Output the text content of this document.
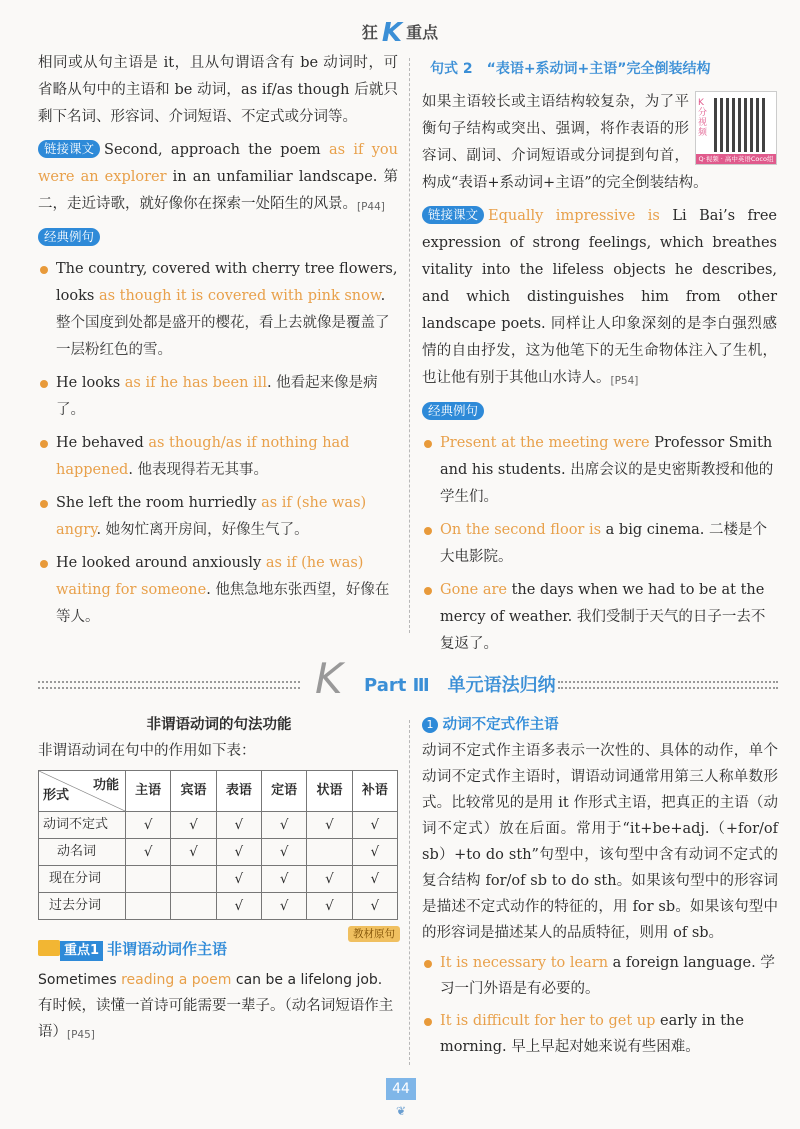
狂 K 重点

相同或从句主语是 it，且从句谓语含有 be 动词时，可省略从句中的主语和 be 动词，as if/as though 后就只剩下名词、形容词、介词短语、不定式或分词等。

链接课文 Second, approach the poem as if you were an explorer in an unfamiliar landscape. 第二，走近诗歌，就好像你在探索一处陌生的风景。[P44]

经典例句
The country, covered with cherry tree flowers, looks as though it is covered with pink snow. 整个国度到处都是盛开的樱花，看上去就像是覆盖了一层粉红色的雪。
He looks as if he has been ill. 他看起来像是病了。
He behaved as though/as if nothing had happened. 他表现得若无其事。
She left the room hurriedly as if (she was) angry. 她匆忙离开房间，好像生气了。
He looked around anxiously as if (he was) waiting for someone. 他焦急地东张西望，好像在等人。
句式 2　“表语+系动词+主语”完全倒装结构
K分视频
Q·视频 · 高中英语Coco组

如果主语较长或主语结构较复杂，为了平衡句子结构或突出、强调，将作表语的形容词、副词、介词短语或分词提到句首，构成“表语+系动词+主语”的完全倒装结构。

链接课文 Equally impressive is Li Bai’s free expression of strong feelings, which breathes vitality into the lifeless objects he describes, and which distinguishes him from other landscape poets. 同样让人印象深刻的是李白强烈感情的自由抒发，这为他笔下的无生命物体注入了生机，也让他有别于其他山水诗人。[P54]

经典例句
Present at the meeting were Professor Smith and his students. 出席会议的是史密斯教授和他的学生们。
On the second floor is a big cinema. 二楼是个大电影院。
Gone are the days when we had to be at the mercy of weather. 我们受制于天气的日子一去不复返了。
K Part Ⅲ　单元语法归纳
非谓语动词的句法功能

非谓语动词在句中的作用如下表：

功能
形式	主语	宾语	表语	定语	状语	补语
动词不定式	√	√	√	√	√	√
动名词	√	√	√	√		√
现在分词			√	√	√	√
过去分词			√	√	√	√
重点1 非谓语动词作主语
教材原句

Sometimes reading a poem can be a lifelong job.

有时候，读懂一首诗可能需要一辈子。（动名词短语作主语）[P45]

1 动词不定式作主语

动词不定式作主语多表示一次性的、具体的动作，单个动词不定式作主语时，谓语动词通常用第三人称单数形式。比较常见的是用 it 作形式主语，把真正的主语（动词不定式）放在后面。常用于“it+be+adj.（+for/of sb）+to do sth”句型中，该句型中含有动词不定式的复合结构 for/of sb to do sth。如果该句型中的形容词是描述不定式动作的特征的，用 for sb。如果该句型中的形容词是描述某人的品质特征，则用 of sb。

It is necessary to learn a foreign language. 学习一门外语是有必要的。
It is difficult for her to get up early in the morning. 早上早起对她来说有些困难。
44
❦
